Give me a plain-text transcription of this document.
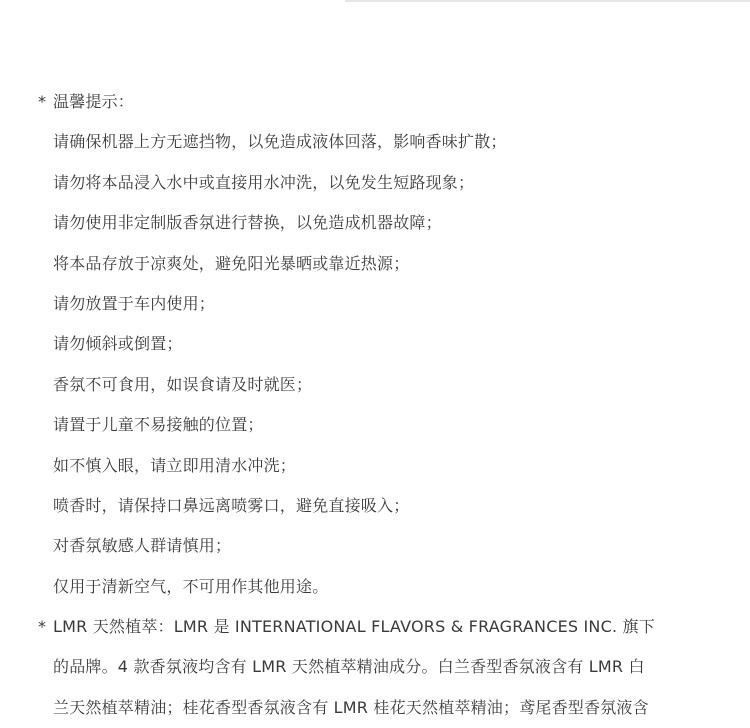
* 温馨提示：
请确保机器上方无遮挡物，以免造成液体回落，影响香味扩散；
请勿将本品浸入水中或直接用水冲洗，以免发生短路现象；
请勿使用非定制版香氛进行替换，以免造成机器故障；
将本品存放于凉爽处，避免阳光暴晒或靠近热源；
请勿放置于车内使用；
请勿倾斜或倒置；
香氛不可食用，如误食请及时就医；
请置于儿童不易接触的位置；
如不慎入眼，请立即用清水冲洗；
喷香时，请保持口鼻远离喷雾口，避免直接吸入；
对香氛敏感人群请慎用；
仅用于清新空气，不可用作其他用途。
* LMR 天然植萃：LMR 是 INTERNATIONAL FLAVORS & FRAGRANCES INC. 旗下
的品牌。4 款香氛液均含有 LMR 天然植萃精油成分。白兰香型香氛液含有 LMR 白
兰天然植萃精油；桂花香型香氛液含有 LMR 桂花天然植萃精油；鸢尾香型香氛液含
